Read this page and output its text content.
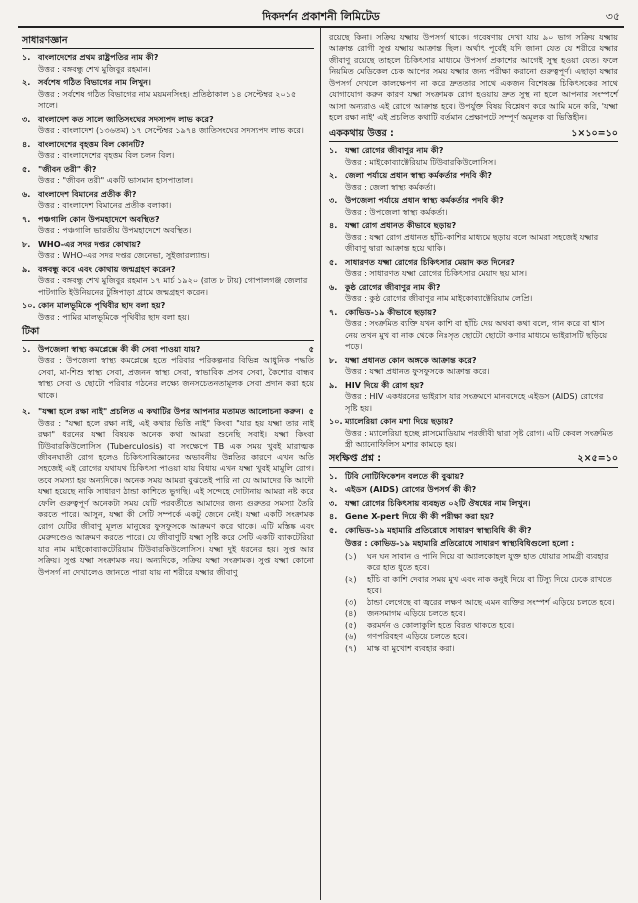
দিকদর্শন প্রকাশনী লিমিটেড	৩৫
সাধারণজ্ঞান
১. বাংলাদেশের প্রথম রাষ্ট্রপতির নাম কী?
উত্তর : বঙ্গবন্ধু শেখ মুজিবুর রহমান।
২. সর্বশেষ গঠিত বিভাগের নাম লিখুন।
উত্তর : সর্বশেষ গঠিত বিভাগের নাম ময়মনসিংহ। প্রতিষ্ঠাকাল ১৪ সেপ্টেম্বর ২০১৫ সালে।
৩. বাংলাদেশ কত সালে জাতিসংঘের সদস্যপদ লাভ করে?
উত্তর : বাংলাদেশ (১৩৬তম) ১৭ সেপ্টেম্বর ১৯৭৪ জাতিসংঘের সদস্যপদ লাভ করে।
৪. বাংলাদেশের বৃহত্তম বিল কোনটি?
উত্তর : বাংলাদেশের বৃহত্তম বিল চলন বিল।
৫. "জীবন তরী" কী?
উত্তর : "জীবন তরী" একটি ভাসমান হাসপাতাল।
৬. বাংলাদেশ বিমানের প্রতীক কী?
উত্তর : বাংলাদেশ বিমানের প্রতীক বলাকা।
৭. পঞ্চগালি কোন উপমহাদেশে অবস্থিত?
উত্তর : পঞ্চগালি ভারতীয় উপমহাদেশে অবস্থিত।
৮. WHO-এর সদর দপ্তর কোথায়?
উত্তর : WHO-এর সদর দপ্তর জেনেভা, সুইজারল্যান্ড।
৯. বঙ্গবন্ধু কবে এবং কোথায় জন্মগ্রহণ করেন?
উত্তর : বঙ্গবন্ধু শেখ মুজিবুর রহমান ১৭ মার্চ ১৯২০ (রাত ৮ টায়) গোপালগঞ্জ জেলার পাটগাতি ইউনিয়নের টুঙ্গিপাড়া গ্রামে জন্মগ্রহণ করেন।
১০. কোন মালভূমিকে পৃথিবীর ছাদ বলা হয়?
উত্তর : পামির মালভূমিকে পৃথিবীর ছাদ বলা হয়।
টিকা
১. উপজেলা স্বাস্থ্য কমপ্লেক্সে কী কী সেবা পাওয়া যায়?	৫
উত্তর : উপজেলা স্বাস্থ্য কমপ্লেক্সে হতে পরিবার পরিকল্পনার বিভিন্ন আধুনিক পদ্ধতি সেবা, মা-শিশু স্বাস্থ্য সেবা, প্রজনন স্বাস্থ্য সেবা, স্বাভাবিক প্রসব সেবা, কৈশোর বান্ধব স্বাস্থ্য সেবা ও ছোটো পরিবার গঠনের লক্ষ্যে জনসচেতনতামূলক সেবা প্রদান করা হয়ে থাকে।
২. "যক্ষ্মা হলে রক্ষা নাই" প্রচলিত এ কথাটির উপর আপনার মতামত আলোচনা করুন। ৫
উত্তর : "যক্ষ্মা হলে রক্ষা নাই, এই কথার ভিত্তি নাই" কিংবা "যার হয় যক্ষ্মা তার নাই রক্ষা" ধরনের যক্ষ্মা বিষয়ক অনেক কথা আমরা শুনেছি সবাই। যক্ষ্মা কিংবা টিউবারকিউলোসিস (Tuberculosis) বা সংক্ষেপে TB এক সময় খুবই মারাত্মক জীবনঘাতী রোগ হলেও চিকিৎসাবিজ্ঞানের অভাবনীয় উন্নতির কারণে এখন অতি সহজেই এই রোগের যথাযথ চিকিৎসা পাওয়া যায় বিধায় এখন যক্ষ্মা খুবই মামুলি রোগ। তবে সমস্যা হয় অন্যদিকে। অনেক সময় আমরা বুঝতেই পারি না যে আমাদের কি আদৌ যক্ষ্মা হয়েছে নাকি সাধারণ ঠান্ডা কাশিতে ভুগছি। এই সন্দেহে দোটানায় আমরা নষ্ট করে ফেলি গুরুত্বপূর্ণ অনেকটা সময় যেটি পরবর্তীতে আমাদের জন্য গুরুতর সমস্যা তৈরি করতে পারে। আসুন, যক্ষ্মা কী সেটি সম্পর্কে একটু জেনে নেই। যক্ষ্মা একটি সংক্রামক রোগ যেটির জীবাণু মূলত মানুষের ফুসফুসকে আক্রমণ করে থাকে। এটি মস্তিষ্ক এবং মেরুদণ্ডেও আক্রমণ করতে পারে। যে জীবাণুটি যক্ষ্মা সৃষ্টি করে সেটি একটি ব্যাকটেরিয়া যার নাম মাইকোব্যাকটেরিয়াম টিউবারকিউলোসিস। যক্ষ্মা দুই ধরনের হয়। সুপ্ত আর সক্রিয়। সুপ্ত যক্ষ্মা সংক্রামক নয়। অন্যদিকে, সক্রিয় যক্ষ্মা সংক্রামক। সুপ্ত যক্ষ্মা কোনো উপসর্গ না দেখালেও জানতে পারা যায় না শরীরে যক্ষ্মার জীবাণু
রয়েছে কিনা। সক্রিয় যক্ষ্মায় উপসর্গ থাকে। গবেষণায় দেখা যায় ৯০ ভাগ সক্রিয় যক্ষ্মায় আক্রান্ত রোগী সুপ্ত যক্ষ্মায় আক্রান্ত ছিল। অর্থাৎ পূর্বেই যদি জানা যেত যে শরীরে যক্ষ্মার জীবাণু রয়েছে তাহলে চিকিৎসার মাধ্যমে উপসর্গ প্রকাশের আগেই সুস্থ হওয়া যেত। ফলে নিয়মিত মেডিকেল চেক আপের সময় যক্ষ্মার জন্য পরীক্ষা করানো গুরুত্বপূর্ণ। এছাড়া যক্ষ্মার উপসর্গ দেখলে কালক্ষেপণ না করে দ্রুততার সাথে একজন বিশেষজ্ঞ চিকিৎসকের সাথে যোগাযোগ করুন কারণ যক্ষ্মা সংক্রামক রোগ হওয়ায় দ্রুত সুস্থ না হলে আপনার সংস্পর্শে আসা অন্যরাও এই রোগে আক্রান্ত হবে। উপর্যুক্ত বিষয় বিশ্লেষণ করে আমি মনে করি, 'যক্ষ্মা হলে রক্ষা নাই' এই প্রচলিত কথাটি বর্তমান প্রেক্ষাপটে সম্পূর্ণ অমূলক বা ভিত্তিহীন।
এককথায় উত্তর :	১×১০=১০
১. যক্ষ্মা রোগের জীবাণুর নাম কী?
উত্তর : মাইকোব্যাক্টেরিয়াম টিউবারকিউলোসিস।
২. জেলা পর্যায়ে প্রধান স্বাস্থ্য কর্মকর্তার পদবি কী?
উত্তর : জেলা স্বাস্থ্য কর্মকর্তা।
৩. উপজেলা পর্যায়ে প্রধান স্বাস্থ্য কর্মকর্তার পদবি কী?
উত্তর : উপজেলা স্বাস্থ্য কর্মকর্তা।
৪. যক্ষ্মা রোগ প্রধানত কীভাবে ছড়ায়?
উত্তর : যক্ষ্মা রোগ প্রধানত হাঁচি-কাশির মাধ্যমে ছড়ায় বলে আমরা সহজেই যক্ষ্মার জীবাণু দ্বারা আক্রান্ত হয়ে থাকি।
৫. সাধারণত যক্ষ্মা রোগের চিকিৎসার মেয়াদ কত দিনের?
উত্তর : সাধারণত যক্ষ্মা রোগের চিকিৎসার মেয়াদ ছয় মাস।
৬. কুষ্ঠ রোগের জীবাণুর নাম কী?
উত্তর : কুষ্ঠ রোগের জীবাণুর নাম মাইকোব্যাক্টেরিয়াম লেপ্রি।
৭. কোভিড-১৯ কীভাবে ছড়ায়?
উত্তর : সংক্রমিত ব্যক্তি যখন কাশি বা হাঁচি দেয় অথবা কথা বলে, গান করে বা শ্বাস নেয় তখন মুখ বা নাক থেকে নিঃসৃত ছোটো ছোটো কণার মাধ্যমে ভাইরাসটি ছড়িয়ে পড়ে।
৮. যক্ষ্মা প্রধানত কোন অঙ্গকে আক্রান্ত করে?
উত্তর : যক্ষ্মা প্রধানত ফুসফুসকে আক্রান্ত করে।
৯. HIV দিয়ে কী রোগ হয়?
উত্তর : HIV একধরনের ভাইরাস যার সংক্রমণে মানবদেহে এইডস (AIDS) রোগের সৃষ্টি হয়।
১০. ম্যালেরিয়া কোন মশা দিয়ে ছড়ায়?
উত্তর : ম্যালেরিয়া হচ্ছে প্লাসমোডিয়াম পরজীবী দ্বারা সৃষ্ট রোগ। এটি কেবল সংক্রমিত স্ত্রী অ্যানোফিলিস মশার কামড়ে হয়।
সংক্ষিপ্ত প্রশ্ন :	২×৫=১০
১. টিবি নোটিফিকেশন বলতে কী বুঝায়?
২. এইডস (AIDS) রোগের উপসর্গ কী কী?
৩. যক্ষ্মা রোগের চিকিৎসায় ব্যবহৃত ০২টি ঔষধের নাম লিখুন।
৪. Gene X-pert দিয়ে কী কী পরীক্ষা করা হয়?
৫. কোভিড-১৯ মহামারি প্রতিরোধে সাধারণ স্বাস্থ্যবিধি কী কী?
উত্তর : কোভিড-১৯ মহামারি প্রতিরোধে সাধারণ স্বাস্থ্যবিধিগুলো হলো :
(১)	ঘন ঘন সাবান ও পানি দিয়ে বা অ্যালকোহল যুক্ত হাত ধোয়ার সামগ্রী ব্যবহার করে হাত ধুতে হবে।
(২)	হাঁচি বা কাশি দেবার সময় মুখ এবং নাক কনুই দিয়ে বা টিস্যু দিয়ে ঢেকে রাখতে হবে।
(৩)	ঠান্ডা লেগেছে বা জ্বরের লক্ষণ আছে এমন ব্যক্তির সংস্পর্শ এড়িয়ে চলতে হবে।
(৪)	জনসমাগম এড়িয়ে চলতে হবে।
(৫)	করমর্দন ও কোলাকুলি হতে বিরত থাকতে হবে।
(৬)	গণপরিবহণ এড়িয়ে চলতে হবে।
(৭)	মাস্ক বা মুখোশ ব্যবহার করা।
